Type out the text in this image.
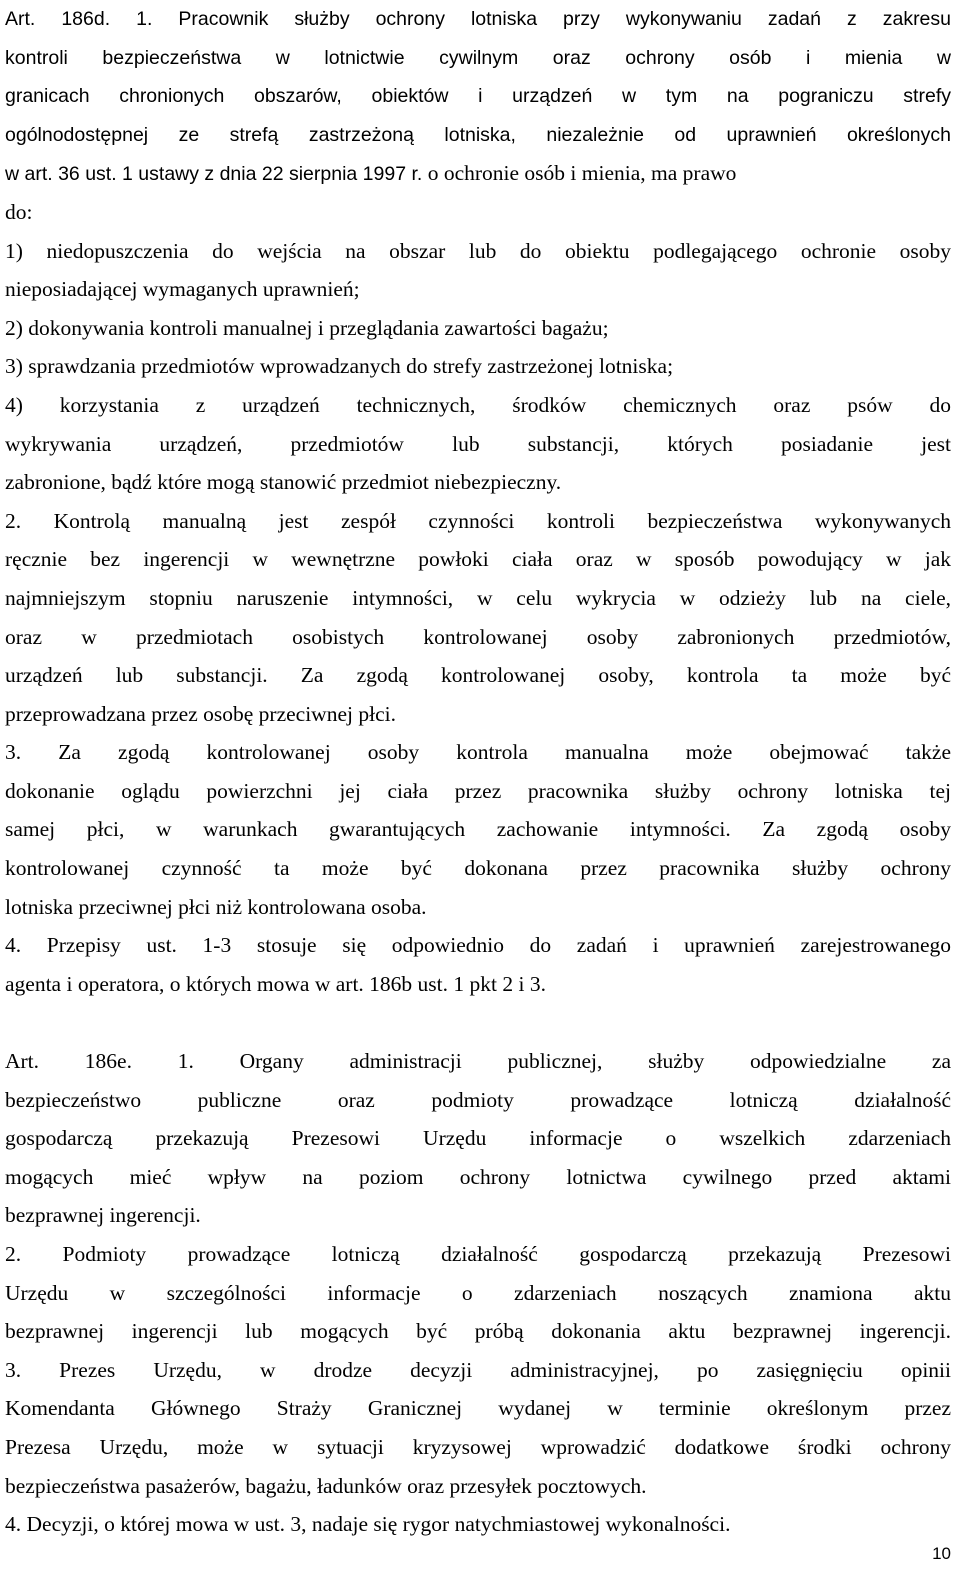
Art. 186d. 1. Pracownik służby ochrony lotniska przy wykonywaniu zadań z zakresu
kontroli bezpieczeństwa w lotnictwie cywilnym oraz ochrony osób i mienia w
granicach chronionych obszarów, obiektów i urządzeń w tym na pograniczu strefy
ogólnodostępnej ze strefą zastrzeżoną lotniska, niezależnie od uprawnień określonych
w art. 36 ust. 1 ustawy z dnia 22 sierpnia 1997 r. o ochronie osób i mienia, ma prawo
do:
1) niedopuszczenia do wejścia na obszar lub do obiektu podlegającego ochronie osoby
nieposiadającej wymaganych uprawnień;
2) dokonywania kontroli manualnej i przeglądania zawartości bagażu;
3) sprawdzania przedmiotów wprowadzanych do strefy zastrzeżonej lotniska;
4) korzystania z urządzeń technicznych, środków chemicznych oraz psów do
wykrywania urządzeń, przedmiotów lub substancji, których posiadanie jest
zabronione, bądź które mogą stanowić przedmiot niebezpieczny.
2. Kontrolą manualną jest zespół czynności kontroli bezpieczeństwa wykonywanych
ręcznie bez ingerencji w wewnętrzne powłoki ciała oraz w sposób powodujący w jak
najmniejszym stopniu naruszenie intymności, w celu wykrycia w odzieży lub na ciele,
oraz w przedmiotach osobistych kontrolowanej osoby zabronionych przedmiotów,
urządzeń lub substancji. Za zgodą kontrolowanej osoby, kontrola ta może być
przeprowadzana przez osobę przeciwnej płci.
3. Za zgodą kontrolowanej osoby kontrola manualna może obejmować także
dokonanie oglądu powierzchni jej ciała przez pracownika służby ochrony lotniska tej
samej płci, w warunkach gwarantujących zachowanie intymności. Za zgodą osoby
kontrolowanej czynność ta może być dokonana przez pracownika służby ochrony
lotniska przeciwnej płci niż kontrolowana osoba.
4. Przepisy ust. 1-3 stosuje się odpowiednio do zadań i uprawnień zarejestrowanego
agenta i operatora, o których mowa w art. 186b ust. 1 pkt 2 i 3.
Art. 186e. 1. Organy administracji publicznej, służby odpowiedzialne za
bezpieczeństwo publiczne oraz podmioty prowadzące lotniczą działalność
gospodarczą przekazują Prezesowi Urzędu informacje o wszelkich zdarzeniach
mogących mieć wpływ na poziom ochrony lotnictwa cywilnego przed aktami
bezprawnej ingerencji.
2. Podmioty prowadzące lotniczą działalność gospodarczą przekazują Prezesowi
Urzędu w szczególności informacje o zdarzeniach noszących znamiona aktu
bezprawnej ingerencji lub mogących być próbą dokonania aktu bezprawnej ingerencji.
3. Prezes Urzędu, w drodze decyzji administracyjnej, po zasięgnięciu opinii
Komendanta Głównego Straży Granicznej wydanej w terminie określonym przez
Prezesa Urzędu, może w sytuacji kryzysowej wprowadzić dodatkowe środki ochrony
bezpieczeństwa pasażerów, bagażu, ładunków oraz przesyłek pocztowych.
4. Decyzji, o której mowa w ust. 3, nadaje się rygor natychmiastowej wykonalności.
10
